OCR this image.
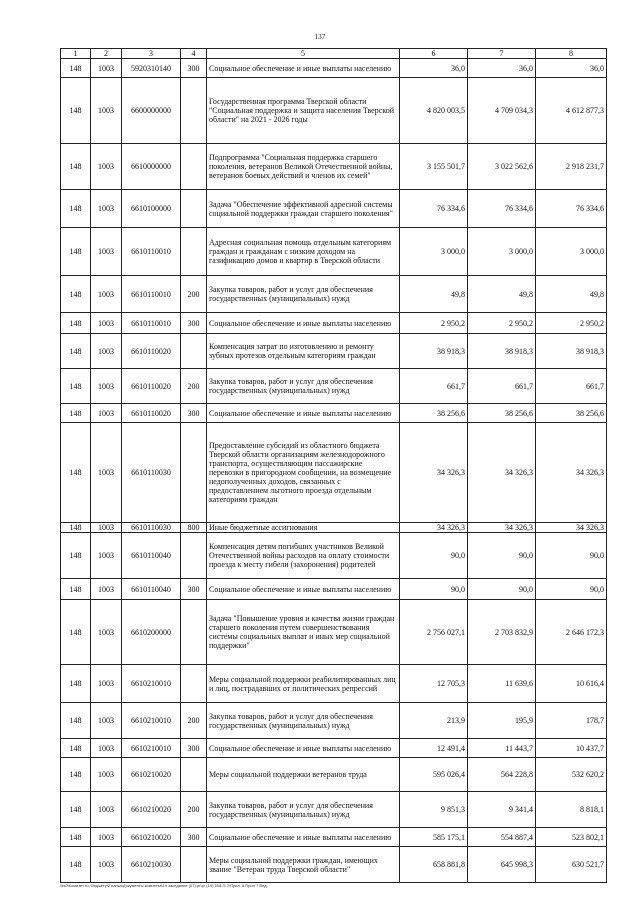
137
1	2	3	4	5	6	7	8
148	1003	5920310140	300	Социальное обеспечение и иные выплаты населению	36,0	36,0	36,0
148	1003	6600000000		Государственная программа Тверской области "Социальная поддержка и защита населения Тверской области" на 2021 - 2026 годы	4 820 003,5	4 709 034,3	4 612 877,3
148	1003	6610000000		Подпрограмма "Социальная поддержка старшего поколения, ветеранов Великой Отечественной войны, ветеранов боевых действий и членов их семей"	3 155 501,7	3 022 562,6	2 918 231,7
148	1003	6610100000		Задача "Обеспечение эффективной адресной системы социальной поддержки граждан старшего поколения"	76 334,6	76 334,6	76 334,6
148	1003	6610110010		Адресная социальная помощь отдельным категориям граждан и гражданам с низким доходом на газификацию домов и квартир в Тверской области	3 000,0	3 000,0	3 000,0
148	1003	6610110010	200	Закупка товаров, работ и услуг для обеспечения государственных (муниципальных) нужд	49,8	49,8	49,8
148	1003	6610110010	300	Социальное обеспечение и иные выплаты населению	2 950,2	2 950,2	2 950,2
148	1003	6610110020		Компенсация затрат по изготовлению и ремонту зубных протезов отдельным категориям граждан	38 918,3	38 918,3	38 918,3
148	1003	6610110020	200	Закупка товаров, работ и услуг для обеспечения государственных (муниципальных) нужд	661,7	661,7	661,7
148	1003	6610110020	300	Социальное обеспечение и иные выплаты населению	38 256,6	38 256,6	38 256,6
148	1003	6610110030		Предоставление субсидий из областного бюджета Тверской области организациям железнодорожного транспорта, осуществляющим пассажирские перевозки в пригородном сообщении, на возмещение недополученных доходов, связанных с предоставлением льготного проезда отдельным категориям граждан	34 326,3	34 326,3	34 326,3
148	1003	6610110030	800	Иные бюджетные ассигнования	34 326,3	34 326,3	34 326,3
148	1003	6610110040		Компенсация детям погибших участников Великой Отечественной войны расходов на оплату стоимости проезда к месту гибели (захоронения) родителей	90,0	90,0	90,0
148	1003	6610110040	300	Социальное обеспечение и иные выплаты населению	90,0	90,0	90,0
148	1003	6610200000		Задача "Повышение уровня и качества жизни граждан старшего поколения путем совершенствования системы социальных выплат и иных мер социальной поддержки"	2 756 027,1	2 703 832,9	2 646 172,3
148	1003	6610210010		Меры социальной поддержки реабилитированных лиц и лиц, пострадавших от политических репрессий	12 705,3	11 639,6	10 616,4
148	1003	6610210010	200	Закупка товаров, работ и услуг для обеспечения государственных (муниципальных) нужд	213,9	195,9	178,7
148	1003	6610210010	300	Социальное обеспечение и иные выплаты населению	12 491,4	11 443,7	10 437,7
148	1003	6610210020		Меры социальной поддержки ветеранов труда	595 026,4	564 228,8	532 620,2
148	1003	6610210020	200	Закупка товаров, работ и услуг для обеспечения государственных (муниципальных) нужд	9 851,3	9 341,4	8 818,1
148	1003	6610210020	300	Социальное обеспечение и иные выплаты населению	585 175,1	554 887,4	523 802,1
148	1003	6610210030		Меры социальной поддержки граждан, имеющих звание "Ветеран труда Тверской области"	658 881,8	645 998,3	630 521,7
\\fs0\Комитет по бюджету\2 папка\Документы комитета\19 заседание (07).pr\pr (19) 508-П-7\Прил. 6 Прил 7 Вед.
